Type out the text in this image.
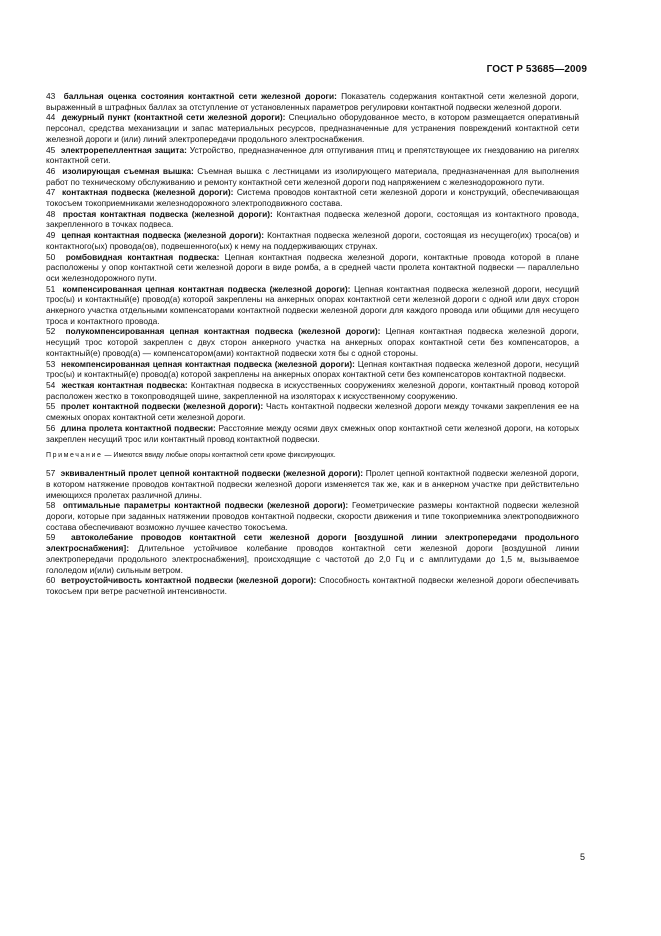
ГОСТ Р 53685—2009

43 балльная оценка состояния контактной сети железной дороги: Показатель содержания контактной сети железной дороги, выраженный в штрафных баллах за отступление от установленных параметров регулировки контактной подвески железной дороги.

44 дежурный пункт (контактной сети железной дороги): Специально оборудованное место, в котором размещается оперативный персонал, средства механизации и запас материальных ресурсов, предназначенные для устранения повреждений контактной сети железной дороги и (или) линий электропередачи продольного электроснабжения.

45 электрорепеллентная защита: Устройство, предназначенное для отпугивания птиц и препятствующее их гнездованию на ригелях контактной сети.

46 изолирующая съемная вышка: Съемная вышка с лестницами из изолирующего материала, предназначенная для выполнения работ по техническому обслуживанию и ремонту контактной сети железной дороги под напряжением с железнодорожного пути.

47 контактная подвеска (железной дороги): Система проводов контактной сети железной дороги и конструкций, обеспечивающая токосъем токоприемниками железнодорожного электроподвижного состава.

48 простая контактная подвеска (железной дороги): Контактная подвеска железной дороги, состоящая из контактного провода, закрепленного в точках подвеса.

49 цепная контактная подвеска (железной дороги): Контактная подвеска железной дороги, состоящая из несущего(их) троса(ов) и контактного(ых) провода(ов), подвешенного(ых) к нему на поддерживающих струнах.

50 ромбовидная контактная подвеска: Цепная контактная подвеска железной дороги, контактные провода которой в плане расположены у опор контактной сети железной дороги в виде ромба, а в средней части пролета контактной подвески — параллельно оси железнодорожного пути.

51 компенсированная цепная контактная подвеска (железной дороги): Цепная контактная подвеска железной дороги, несущий трос(ы) и контактный(е) провод(а) которой закреплены на анкерных опорах контактной сети железной дороги с одной или двух сторон анкерного участка отдельными компенсаторами контактной подвески железной дороги для каждого провода или общими для несущего троса и контактного провода.

52 полукомпенсированная цепная контактная подвеска (железной дороги): Цепная контактная подвеска железной дороги, несущий трос которой закреплен с двух сторон анкерного участка на анкерных опорах контактной сети без компенсаторов, а контактный(е) провод(а) — компенсатором(ами) контактной подвески хотя бы с одной стороны.

53 некомпенсированная цепная контактная подвеска (железной дороги): Цепная контактная подвеска железной дороги, несущий трос(ы) и контактный(е) провод(а) которой закреплены на анкерных опорах контактной сети без компенсаторов контактной подвески.

54 жесткая контактная подвеска: Контактная подвеска в искусственных сооружениях железной дороги, контактный провод которой расположен жестко в токопроводящей шине, закрепленной на изоляторах к искусственному сооружению.

55 пролет контактной подвески (железной дороги): Часть контактной подвески железной дороги между точками закрепления ее на смежных опорах контактной сети железной дороги.

56 длина пролета контактной подвески: Расстояние между осями двух смежных опор контактной сети железной дороги, на которых закреплен несущий трос или контактный провод контактной подвески.

Примечание — Имеются ввиду любые опоры контактной сети кроме фиксирующих.

57 эквивалентный пролет цепной контактной подвески (железной дороги): Пролет цепной контактной подвески железной дороги, в котором натяжение проводов контактной подвески железной дороги изменяется так же, как и в анкерном участке при действительно имеющихся пролетах различной длины.

58 оптимальные параметры контактной подвески (железной дороги): Геометрические размеры контактной подвески железной дороги, которые при заданных натяжении проводов контактной подвески, скорости движения и типе токоприемника электроподвижного состава обеспечивают возможно лучшее качество токосъема.

59 автоколебание проводов контактной сети железной дороги [воздушной линии электропередачи продольного электроснабжения]: Длительное устойчивое колебание проводов контактной сети железной дороги [воздушной линии электропередачи продольного электроснабжения], происходящие с частотой до 2,0 Гц и с амплитудами до 1,5 м, вызываемое гололедом и(или) сильным ветром.

60 ветроустойчивость контактной подвески (железной дороги): Способность контактной подвески железной дороги обеспечивать токосъем при ветре расчетной интенсивности.

5
